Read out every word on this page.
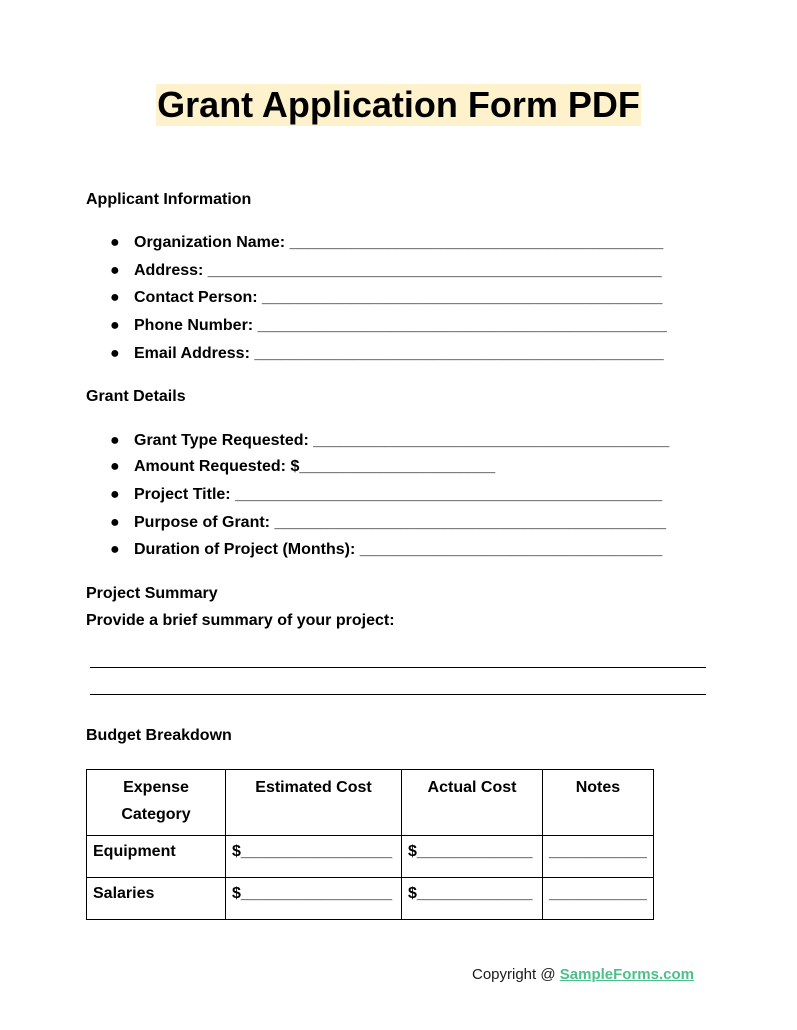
Grant Application Form PDF
Applicant Information
● Organization Name: __________________________________________
● Address: ___________________________________________________
● Contact Person: _____________________________________________
● Phone Number: ______________________________________________
● Email Address: ______________________________________________
Grant Details
● Grant Type Requested: ________________________________________
● Amount Requested: $______________________
● Project Title: ________________________________________________
● Purpose of Grant: ____________________________________________
● Duration of Project (Months): __________________________________
Project Summary
Provide a brief summary of your project:
Budget Breakdown
Expense Category	Estimated Cost	Actual Cost	Notes
Equipment	$_________________	$_____________	___________
Salaries	$_________________	$_____________	___________
Copyright @ SampleForms.com
